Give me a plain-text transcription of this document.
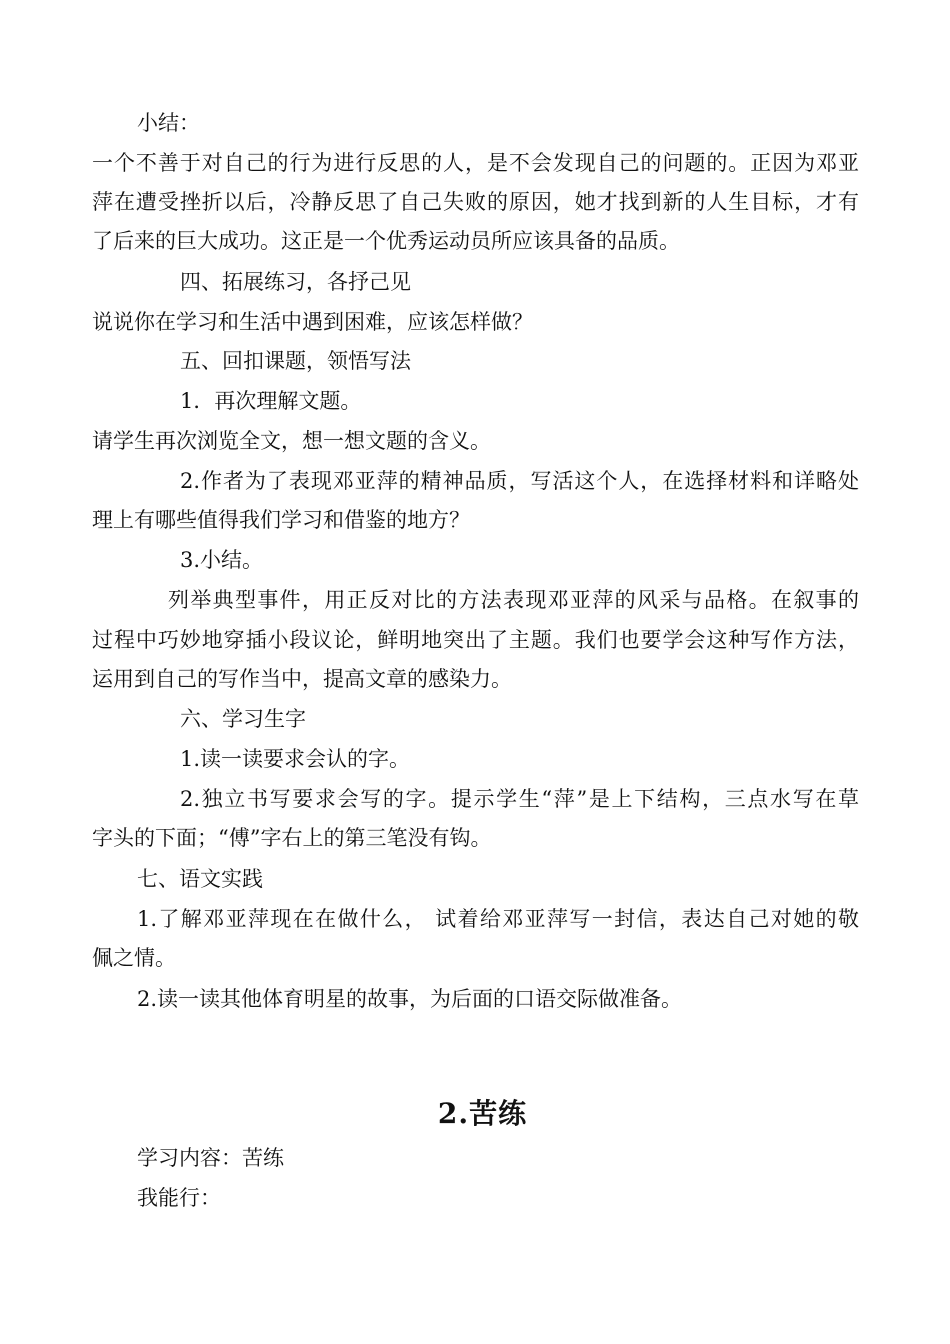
小结：
一个不善于对自己的行为进行反思的人，是不会发现自己的问题的。正因为邓亚
萍在遭受挫折以后，冷静反思了自己失败的原因，她才找到新的人生目标，才有
了后来的巨大成功。这正是一个优秀运动员所应该具备的品质。
四、拓展练习，各抒己见
说说你在学习和生活中遇到困难，应该怎样做？
五、回扣课题，领悟写法
1．再次理解文题。
请学生再次浏览全文，想一想文题的含义。
2.作者为了表现邓亚萍的精神品质，写活这个人，在选择材料和详略处
理上有哪些值得我们学习和借鉴的地方？
3.小结。
列举典型事件，用正反对比的方法表现邓亚萍的风采与品格。在叙事的
过程中巧妙地穿插小段议论，鲜明地突出了主题。我们也要学会这种写作方法，
运用到自己的写作当中，提高文章的感染力。
六、学习生字
1.读一读要求会认的字。
2.独立书写要求会写的字。提示学生“萍”是上下结构，三点水写在草
字头的下面；“傅”字右上的第三笔没有钩。
七、语文实践
1.了解邓亚萍现在在做什么， 试着给邓亚萍写一封信，表达自己对她的敬
佩之情。
2.读一读其他体育明星的故事，为后面的口语交际做准备。
2.苦练
学习内容：苦练
我能行：
